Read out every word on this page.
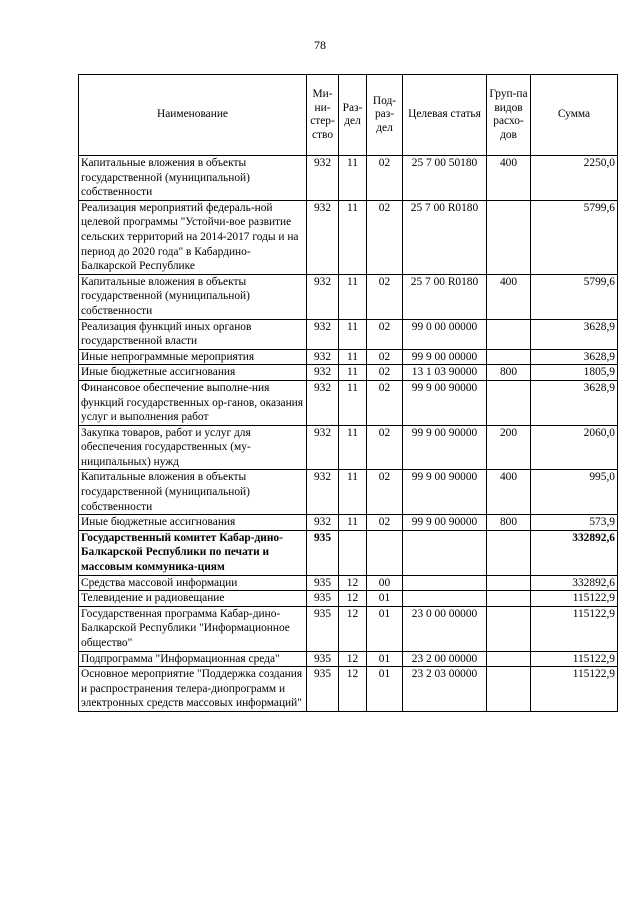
78
Наименование	Ми-ни-стер-ство	Раз-дел	Под-раз-дел	Целевая статья	Груп-па видов расхо-дов	Сумма
Капитальные вложения в объекты государственной (муниципальной) собственности	932	11	02	25 7 00 50180	400	2250,0
Реализация мероприятий федераль-ной целевой программы "Устойчи-вое развитие сельских территорий на 2014-2017 годы и на период до 2020 года" в Кабардино-Балкарской Республике	932	11	02	25 7 00 R0180		5799,6
Капитальные вложения в объекты государственной (муниципальной) собственности	932	11	02	25 7 00 R0180	400	5799,6
Реализация функций иных органов государственной власти	932	11	02	99 0 00 00000		3628,9
Иные непрограммные мероприятия	932	11	02	99 9 00 00000		3628,9
Иные бюджетные ассигнования	932	11	02	13 1 03 90000	800	1805,9
Финансовое обеспечение выполне-ния функций государственных ор-ганов, оказания услуг и выполнения работ	932	11	02	99 9 00 90000		3628,9
Закупка товаров, работ и услуг для обеспечения государственных (му-ниципальных) нужд	932	11	02	99 9 00 90000	200	2060,0
Капитальные вложения в объекты государственной (муниципальной) собственности	932	11	02	99 9 00 90000	400	995,0
Иные бюджетные ассигнования	932	11	02	99 9 00 90000	800	573,9
Государственный комитет Кабар-дино-Балкарской Республики по печати и массовым коммуника-циям	935					332892,6
Средства массовой информации	935	12	00			332892,6
Телевидение и радиовещание	935	12	01			115122,9
Государственная программа Кабар-дино-Балкарской Республики "Информационное общество"	935	12	01	23 0 00 00000		115122,9
Подпрограмма "Информационная среда"	935	12	01	23 2 00 00000		115122,9
Основное мероприятие "Поддержка создания и распространения телера-диопрограмм и электронных средств массовых информаций"	935	12	01	23 2 03 00000		115122,9
